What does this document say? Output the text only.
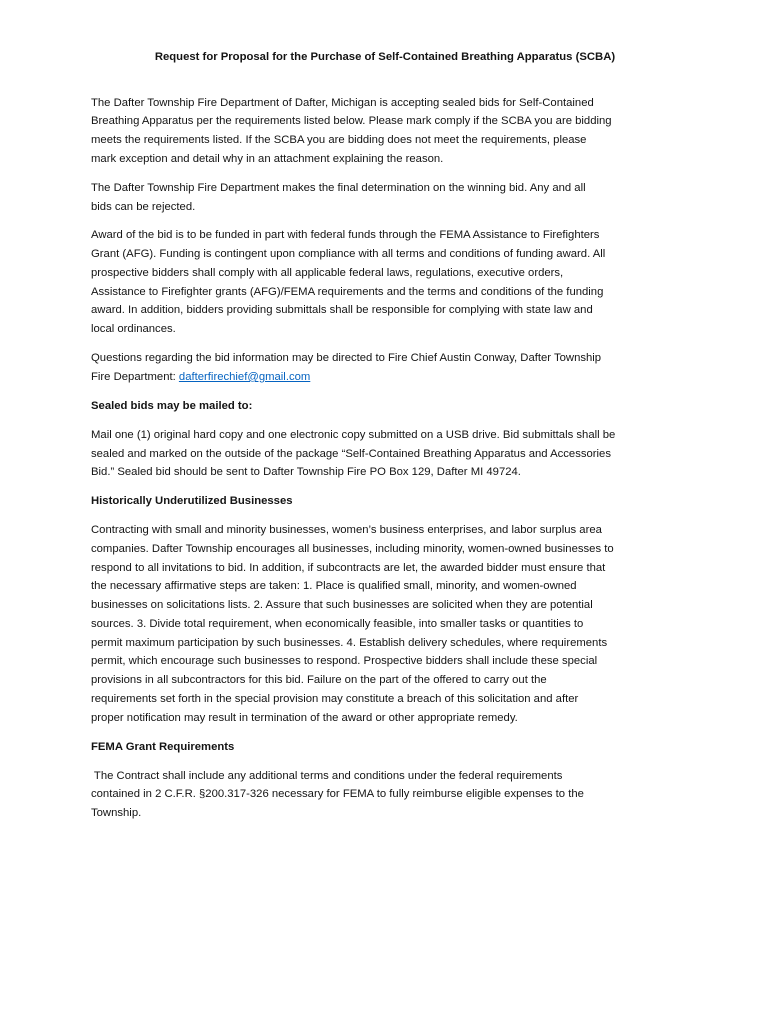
Request for Proposal for the Purchase of Self-Contained Breathing Apparatus (SCBA)
The Dafter Township Fire Department of Dafter, Michigan is accepting sealed bids for Self-Contained
Breathing Apparatus per the requirements listed below. Please mark comply if the SCBA you are bidding
meets the requirements listed. If the SCBA you are bidding does not meet the requirements, please
mark exception and detail why in an attachment explaining the reason.
The Dafter Township Fire Department makes the final determination on the winning bid. Any and all
bids can be rejected.
Award of the bid is to be funded in part with federal funds through the FEMA Assistance to Firefighters
Grant (AFG). Funding is contingent upon compliance with all terms and conditions of funding award. All
prospective bidders shall comply with all applicable federal laws, regulations, executive orders,
Assistance to Firefighter grants (AFG)/FEMA requirements and the terms and conditions of the funding
award. In addition, bidders providing submittals shall be responsible for complying with state law and
local ordinances.
Questions regarding the bid information may be directed to Fire Chief Austin Conway, Dafter Township
Fire Department: dafterfirechief@gmail.com
Sealed bids may be mailed to:
Mail one (1) original hard copy and one electronic copy submitted on a USB drive. Bid submittals shall be
sealed and marked on the outside of the package “Self-Contained Breathing Apparatus and Accessories
Bid.” Sealed bid should be sent to Dafter Township Fire PO Box 129, Dafter MI 49724.
Historically Underutilized Businesses
Contracting with small and minority businesses, women’s business enterprises, and labor surplus area
companies. Dafter Township encourages all businesses, including minority, women-owned businesses to
respond to all invitations to bid. In addition, if subcontracts are let, the awarded bidder must ensure that
the necessary affirmative steps are taken: 1. Place is qualified small, minority, and women-owned
businesses on solicitations lists. 2. Assure that such businesses are solicited when they are potential
sources. 3. Divide total requirement, when economically feasible, into smaller tasks or quantities to
permit maximum participation by such businesses. 4. Establish delivery schedules, where requirements
permit, which encourage such businesses to respond. Prospective bidders shall include these special
provisions in all subcontractors for this bid. Failure on the part of the offered to carry out the
requirements set forth in the special provision may constitute a breach of this solicitation and after
proper notification may result in termination of the award or other appropriate remedy.
FEMA Grant Requirements
The Contract shall include any additional terms and conditions under the federal requirements
contained in 2 C.F.R. §200.317-326 necessary for FEMA to fully reimburse eligible expenses to the
Township.
